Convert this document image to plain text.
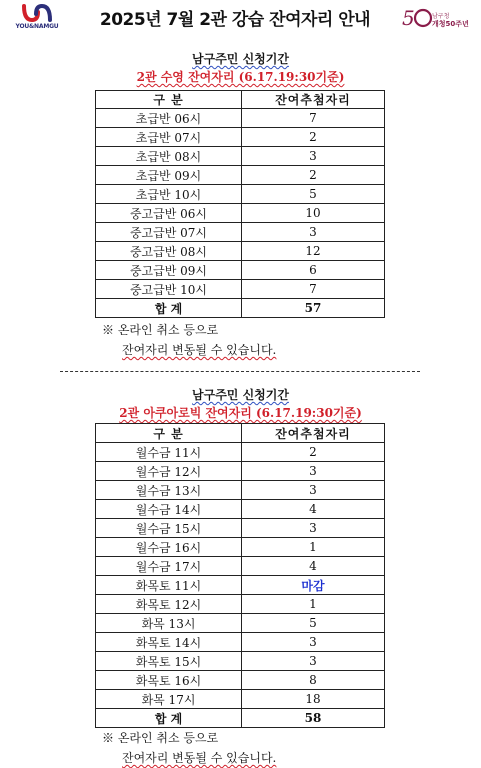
YOU&NAMGU	2025년 7월 2관 강습 잔여자리 안내	5	남구청
개청50주년
남구주민 신청기간
2관 수영 잔여자리 (6.17.19:30기준)
구 분	잔여추첨자리
초급반 06시	7
초급반 07시	2
초급반 08시	3
초급반 09시	2
초급반 10시	5
중고급반 06시	10
중고급반 07시	3
중고급반 08시	12
중고급반 09시	6
중고급반 10시	7
합 계	57
※ 온라인 취소 등으로
잔여자리 변동될 수 있습니다.
남구주민 신청기간
2관 아쿠아로빅 잔여자리 (6.17.19:30기준)
구 분	잔여추첨자리
월수금 11시	2
월수금 12시	3
월수금 13시	3
월수금 14시	4
월수금 15시	3
월수금 16시	1
월수금 17시	4
화목토 11시	마감
화목토 12시	1
화목 13시	5
화목토 14시	3
화목토 15시	3
화목토 16시	8
화목 17시	18
합 계	58
※ 온라인 취소 등으로
잔여자리 변동될 수 있습니다.
